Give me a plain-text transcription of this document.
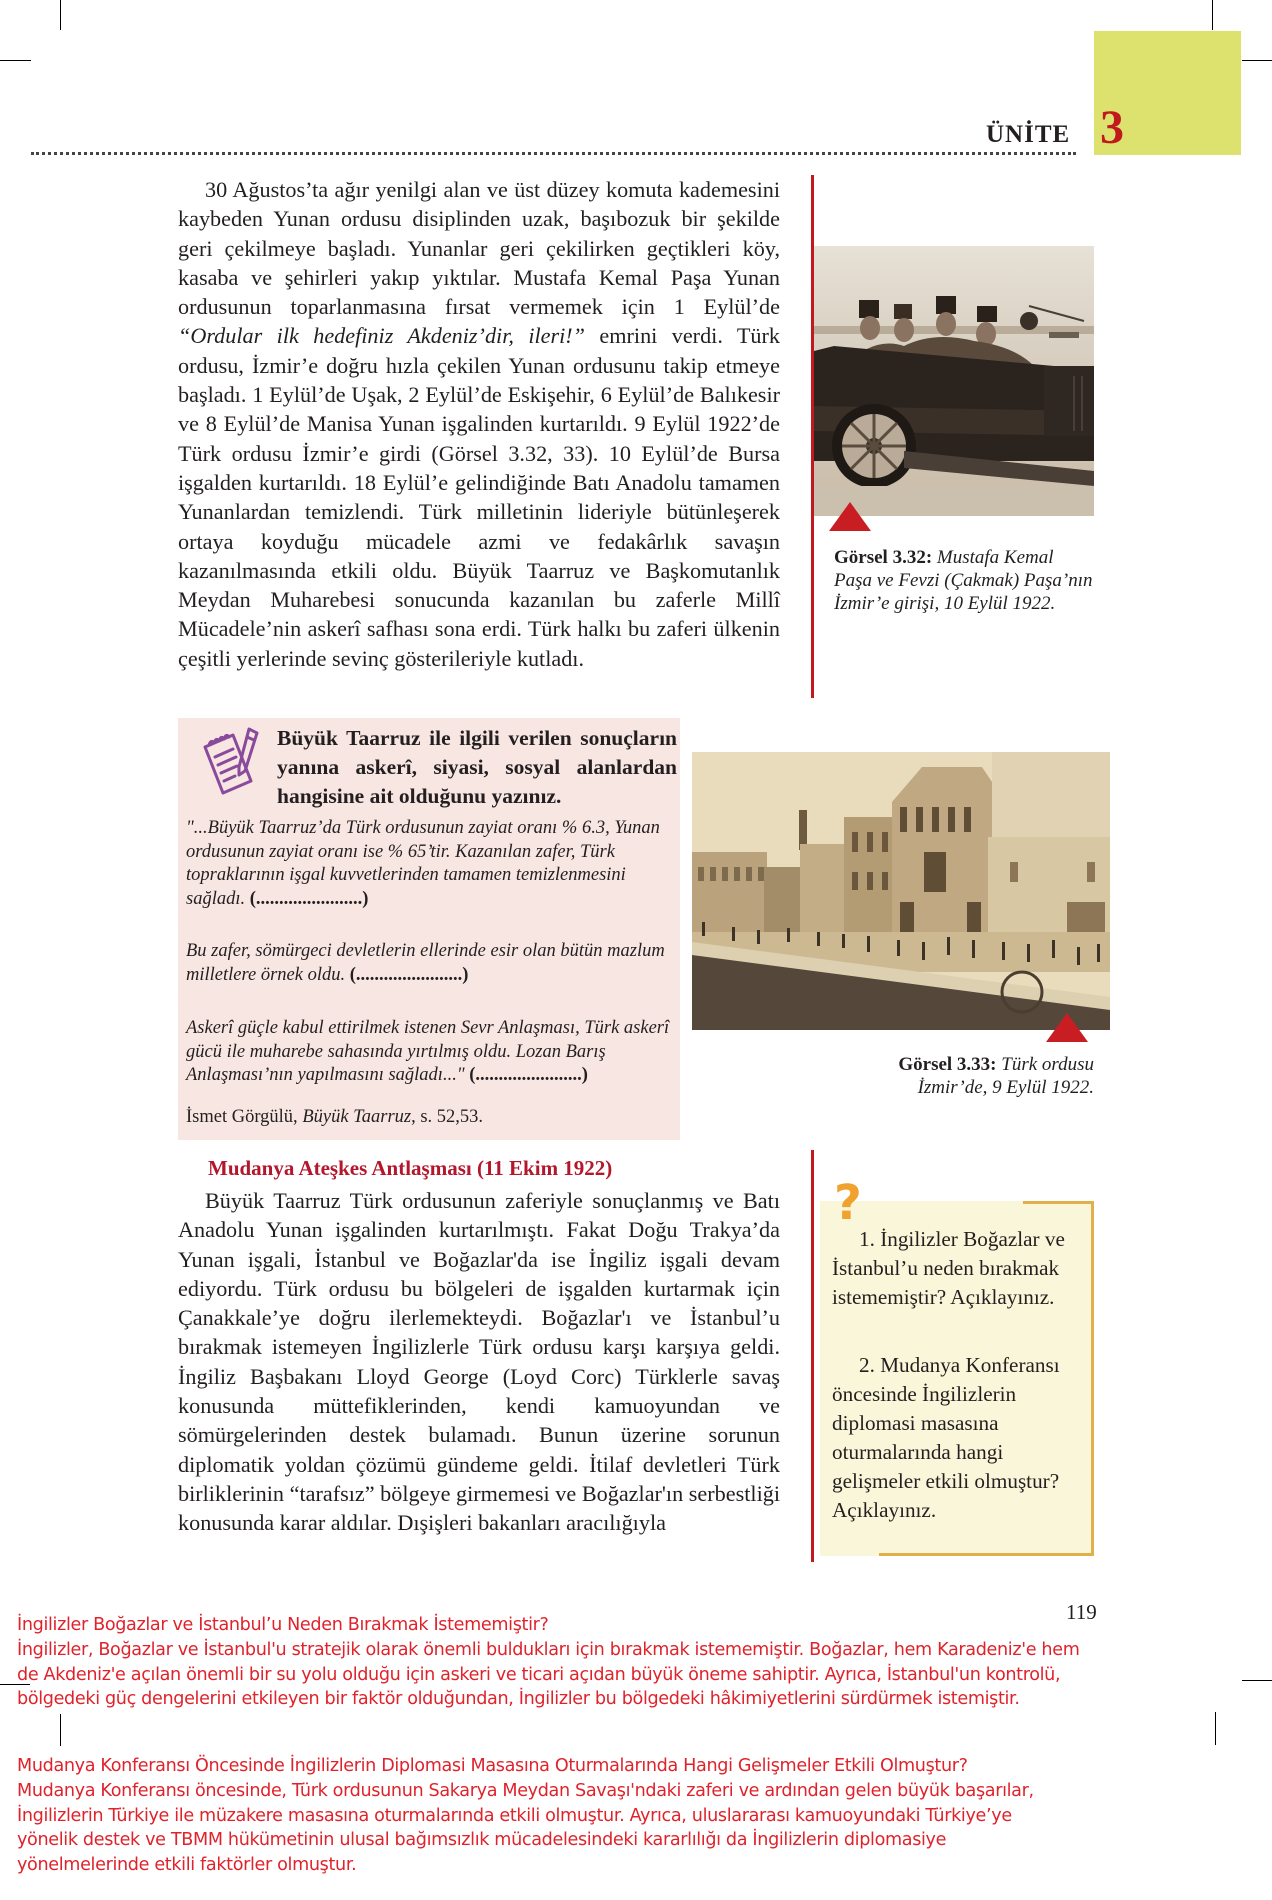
3
ÜNİTE

30 Ağustos’ta ağır yenilgi alan ve üst düzey komuta kademesini kaybeden Yunan ordusu disiplinden uzak, başıbozuk bir şekilde geri çekilmeye başladı. Yunanlar geri çekilirken geçtikleri köy, kasaba ve şehirleri yakıp yıktılar. Mustafa Kemal Paşa Yunan ordusunun toparlanmasına fırsat vermemek için 1 Eylül’de “Ordular ilk hedefiniz Akdeniz’dir, ileri!” emrini verdi. Türk ordusu, İzmir’e doğru hızla çekilen Yunan ordusunu takip etmeye başladı. 1 Eylül’de Uşak, 2 Eylül’de Eskişehir, 6 Eylül’de Balıkesir ve 8 Eylül’de Manisa Yunan işgalinden kurtarıldı. 9 Eylül 1922’de Türk ordusu İzmir’e girdi (Görsel 3.32, 33). 10 Eylül’de Bursa işgalden kurtarıldı. 18 Eylül’e gelindiğinde Batı Anadolu tamamen Yunanlardan temizlendi. Türk milletinin lideriyle bütünleşerek ortaya koyduğu mücadele azmi ve fedakârlık savaşın kazanılmasında etkili oldu. Büyük Taarruz ve Başkomutanlık Meydan Muharebesi sonucunda kazanılan bu zaferle Millî Mücadele’nin askerî safhası sona erdi. Türk halkı bu zaferi ülkenin çeşitli yerlerinde sevinç gösterileriyle kutladı.

Görsel 3.32: Mustafa Kemal
Paşa ve Fevzi (Çakmak) Paşa’nın
İzmir’e girişi, 10 Eylül 1922.
Büyük Taarruz ile ilgili verilen sonuçların yanına askerî, siyasi, sosyal alanlardan hangisine ait olduğunu yazınız.
"...Büyük Taarruz’da Türk ordusunun zayiat oranı % 6.3, Yunan ordusunun zayiat oranı ise % 65’tir. Kazanılan zafer, Türk topraklarının işgal kuvvetlerinden tamamen temizlenmesini sağladı. (.......................)
Bu zafer, sömürgeci devletlerin ellerinde esir olan bütün mazlum milletlere örnek oldu. (.......................)
Askerî güçle kabul ettirilmek istenen Sevr Anlaşması, Türk askerî gücü ile muharebe sahasında yırtılmış oldu. Lozan Barış Anlaşması’nın yapılmasını sağladı..." (.......................)
İsmet Görgülü, Büyük Taarruz, s. 52,53.
Görsel 3.33: Türk ordusu
İzmir’de, 9 Eylül 1922.
Mudanya Ateşkes Antlaşması (11 Ekim 1922)

Büyük Taarruz Türk ordusunun zaferiyle sonuçlanmış ve Batı Anadolu Yunan işgalinden kurtarılmıştı. Fakat Doğu Trakya’da Yunan işgali, İstanbul ve Boğazlar'da ise İngiliz işgali devam ediyordu. Türk ordusu bu bölgeleri de işgalden kurtarmak için Çanakkale’ye doğru ilerlemekteydi. Boğazlar'ı ve İstanbul’u bırakmak istemeyen İngilizlerle Türk ordusu karşı karşıya geldi. İngiliz Başbakanı Lloyd George (Loyd Corc) Türklerle savaş konusunda müttefiklerinden, kendi kamuoyundan ve sömürgelerinden destek bulamadı. Bunun üzerine sorunun diplomatik yoldan çözümü gündeme geldi. İtilaf devletleri Türk birliklerinin “tarafsız” bölgeye girmemesi ve Boğazlar'ın serbestliği konusunda karar aldılar. Dışişleri bakanları aracılığıyla

?

1. İngilizler Boğazlar ve İstanbul’u neden bırakmak istememiştir? Açıklayınız.

2. Mudanya Konferansı öncesinde İngilizlerin diplomasi masasına oturmalarında hangi gelişmeler etkili olmuştur? Açıklayınız.

119
İngilizler Boğazlar ve İstanbul’u Neden Bırakmak İstememiştir?
İngilizler, Boğazlar ve İstanbul'u stratejik olarak önemli buldukları için bırakmak istememiştir. Boğazlar, hem Karadeniz'e hem
de Akdeniz'e açılan önemli bir su yolu olduğu için askeri ve ticari açıdan büyük öneme sahiptir. Ayrıca, İstanbul'un kontrolü,
bölgedeki güç dengelerini etkileyen bir faktör olduğundan, İngilizler bu bölgedeki hâkimiyetlerini sürdürmek istemiştir.
Mudanya Konferansı Öncesinde İngilizlerin Diplomasi Masasına Oturmalarında Hangi Gelişmeler Etkili Olmuştur?
Mudanya Konferansı öncesinde, Türk ordusunun Sakarya Meydan Savaşı'ndaki zaferi ve ardından gelen büyük başarılar,
İngilizlerin Türkiye ile müzakere masasına oturmalarında etkili olmuştur. Ayrıca, uluslararası kamuoyundaki Türkiye’ye
yönelik destek ve TBMM hükümetinin ulusal bağımsızlık mücadelesindeki kararlılığı da İngilizlerin diplomasiye
yönelmelerinde etkili faktörler olmuştur.
